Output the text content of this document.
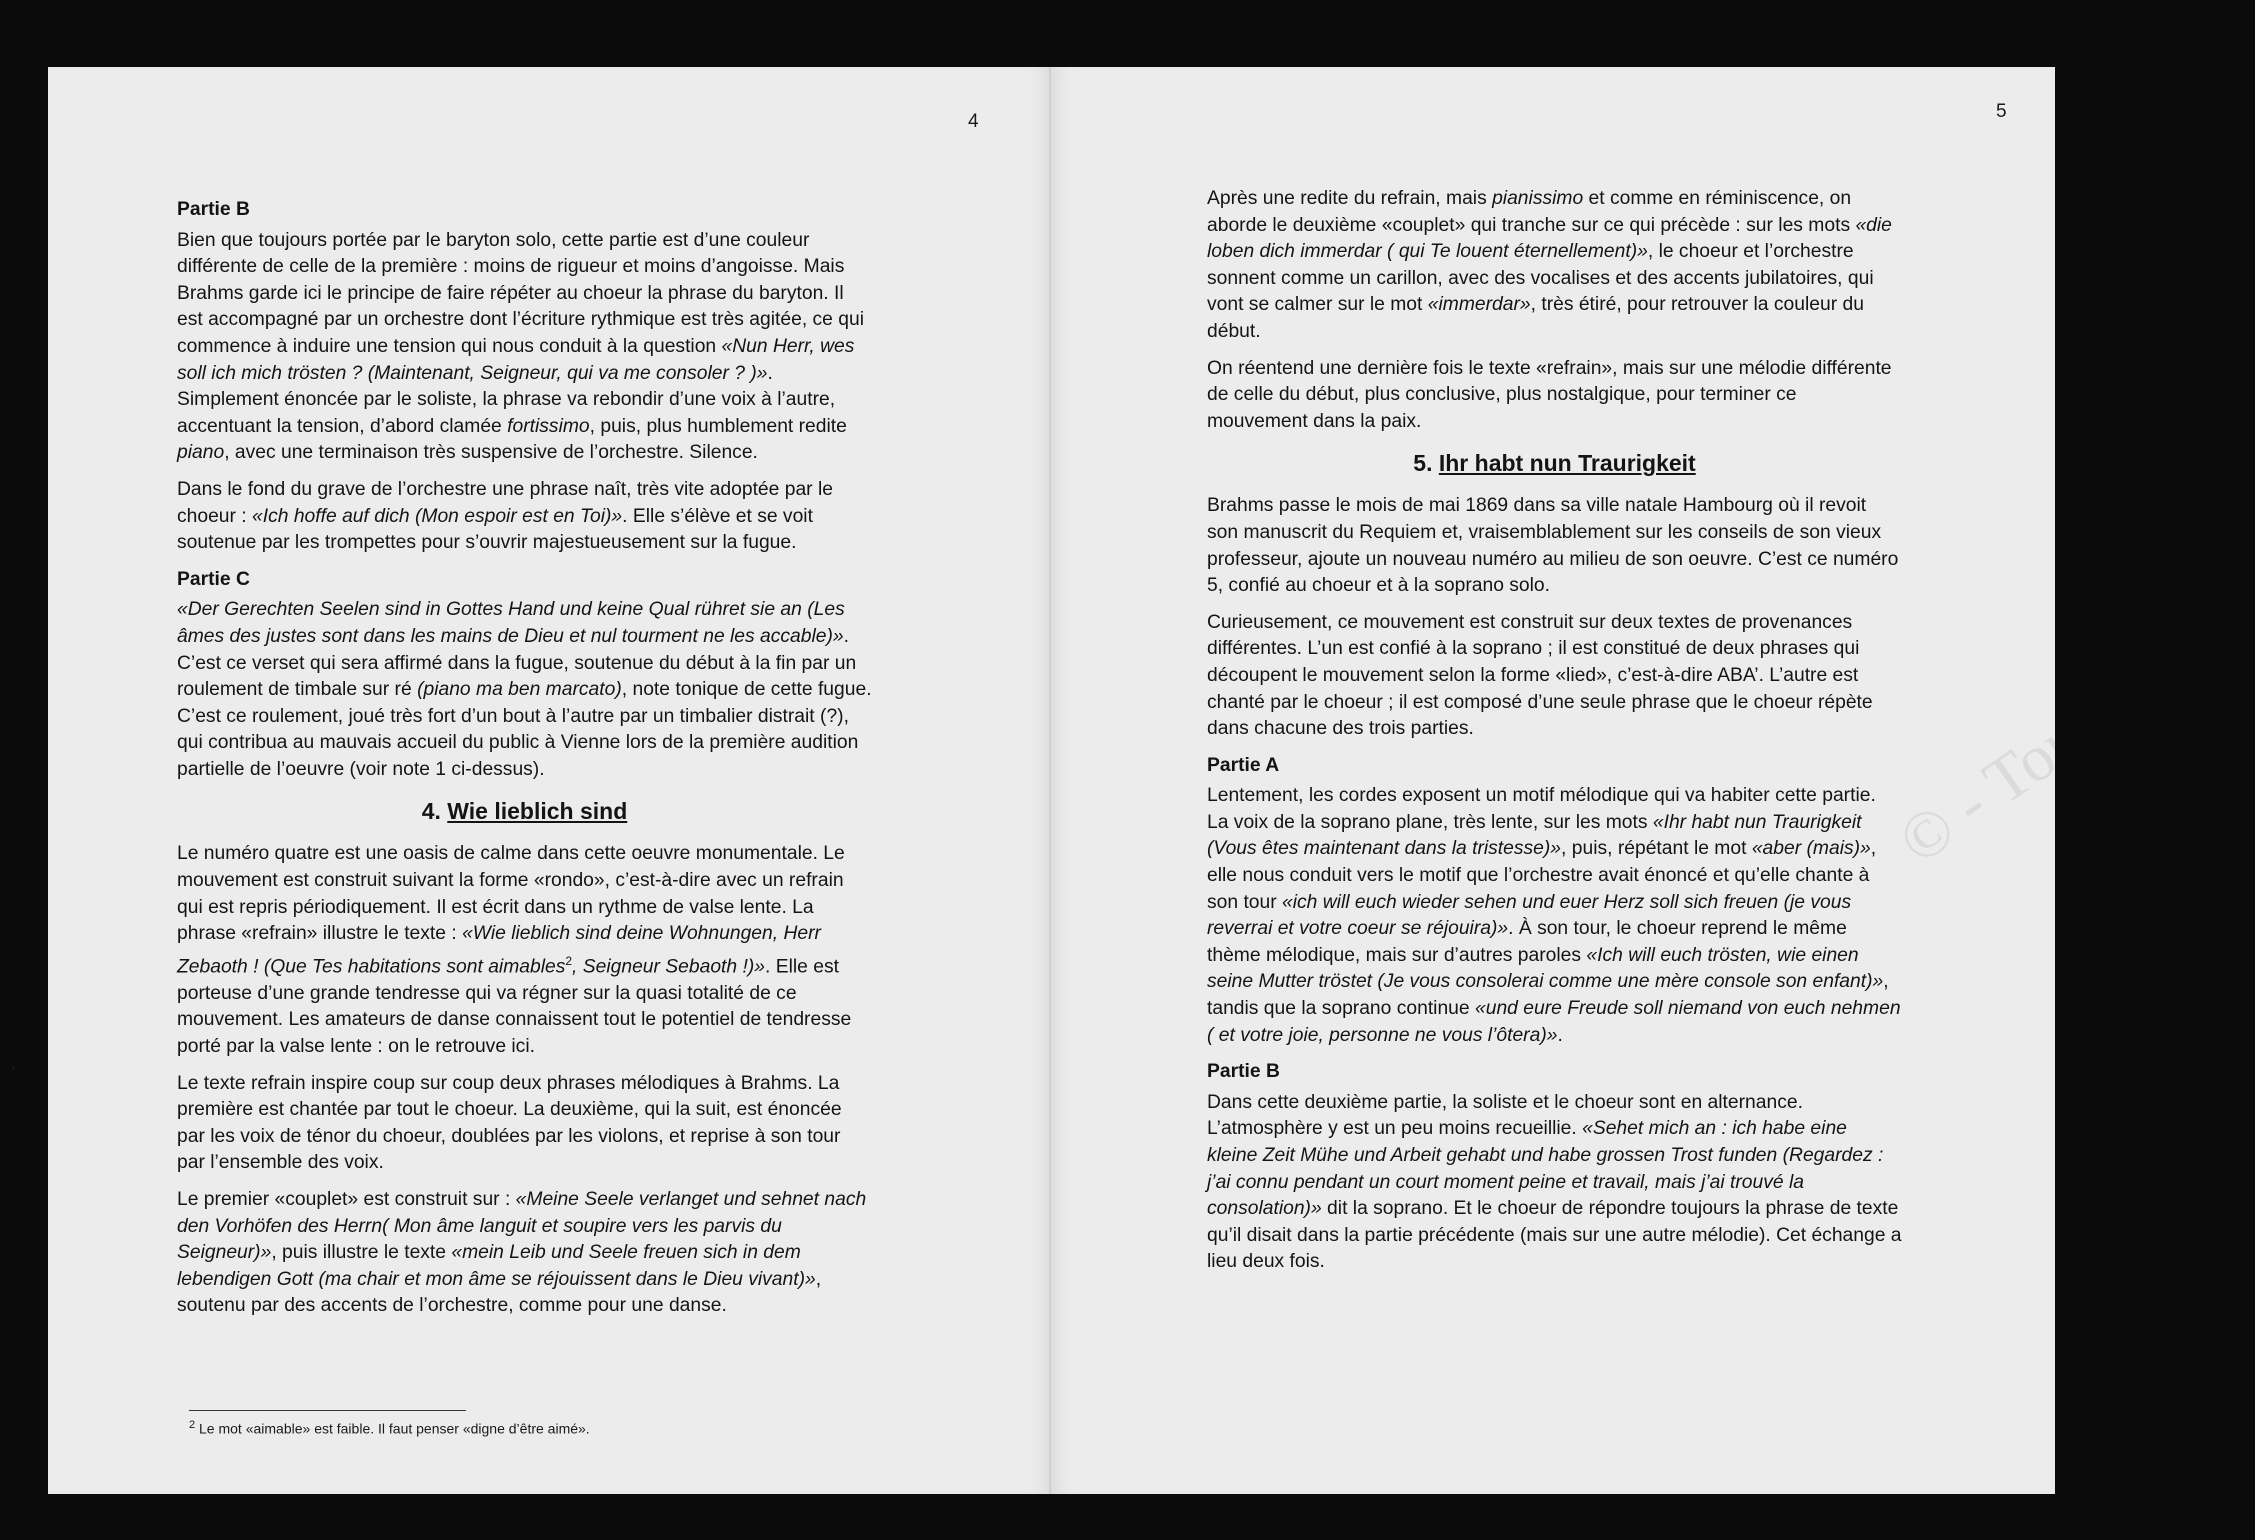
4
Partie B

Bien que toujours portée par le baryton solo, cette partie est d’une couleur différente de celle de la première : moins de rigueur et moins d’angoisse. Mais Brahms garde ici le principe de faire répéter au choeur la phrase du baryton. Il est accompagné par un orchestre dont l’écriture rythmique est très agitée, ce qui commence à induire une tension qui nous conduit à la question «Nun Herr, wes soll ich mich trösten ? (Maintenant, Seigneur, qui va me consoler ? )». Simplement énoncée par le soliste, la phrase va rebondir d’une voix à l’autre, accentuant la tension, d’abord clamée fortissimo, puis, plus humblement redite piano, avec une terminaison très suspensive de l’orchestre. Silence.

Dans le fond du grave de l’orchestre une phrase naît, très vite adoptée par le choeur : «Ich hoffe auf dich (Mon espoir est en Toi)». Elle s’élève et se voit soutenue par les trompettes pour s’ouvrir majestueusement sur la fugue.

Partie C

«Der Gerechten Seelen sind in Gottes Hand und keine Qual rühret sie an (Les âmes des justes sont dans les mains de Dieu et nul tourment ne les accable)». C’est ce verset qui sera affirmé dans la fugue, soutenue du début à la fin par un roulement de timbale sur ré (piano ma ben marcato), note tonique de cette fugue. C’est ce roulement, joué très fort d’un bout à l’autre par un timbalier distrait (?), qui contribua au mauvais accueil du public à Vienne lors de la première audition partielle de l’oeuvre (voir note 1 ci-dessus).

4. Wie lieblich sind

Le numéro quatre est une oasis de calme dans cette oeuvre monumentale. Le mouvement est construit suivant la forme «rondo», c’est-à-dire avec un refrain qui est repris périodiquement. Il est écrit dans un rythme de valse lente. La phrase «refrain» illustre le texte : «Wie lieblich sind deine Wohnungen, Herr Zebaoth ! (Que Tes habitations sont aimables$^2$, Seigneur Sebaoth !)». Elle est porteuse d’une grande tendresse qui va régner sur la quasi totalité de ce mouvement. Les amateurs de danse connaissent tout le potentiel de tendresse porté par la valse lente : on le retrouve ici.

Le texte refrain inspire coup sur coup deux phrases mélodiques à Brahms. La première est chantée par tout le choeur. La deuxième, qui la suit, est énoncée par les voix de ténor du choeur, doublées par les violons, et reprise à son tour par l’ensemble des voix.

Le premier «couplet» est construit sur : «Meine Seele verlanget und sehnet nach den Vorhöfen des Herrn( Mon âme languit et soupire vers les parvis du Seigneur)», puis illustre le texte «mein Leib und Seele freuen sich in dem lebendigen Gott (ma chair et mon âme se réjouissent dans le Dieu vivant)», soutenu par des accents de l’orchestre, comme pour une danse.

$^2$ Le mot «aimable» est faible. Il faut penser «digne d’être aimé».
5
© - Tous droits

Après une redite du refrain, mais pianissimo et comme en réminiscence, on aborde le deuxième «couplet» qui tranche sur ce qui précède : sur les mots «die loben dich immerdar ( qui Te louent éternellement)», le choeur et l’orchestre sonnent comme un carillon, avec des vocalises et des accents jubilatoires, qui vont se calmer sur le mot «immerdar», très étiré, pour retrouver la couleur du début.

On réentend une dernière fois le texte «refrain», mais sur une mélodie différente de celle du début, plus conclusive, plus nostalgique, pour terminer ce mouvement dans la paix.

5. Ihr habt nun Traurigkeit

Brahms passe le mois de mai 1869 dans sa ville natale Hambourg où il revoit son manuscrit du Requiem et, vraisemblablement sur les conseils de son vieux professeur, ajoute un nouveau numéro au milieu de son oeuvre. C’est ce numéro 5, confié au choeur et à la soprano solo.

Curieusement, ce mouvement est construit sur deux textes de provenances différentes. L’un est confié à la soprano ; il est constitué de deux phrases qui découpent le mouvement selon la forme «lied», c’est-à-dire ABA’. L’autre est chanté par le choeur ; il est composé d’une seule phrase que le choeur répète dans chacune des trois parties.

Partie A

Lentement, les cordes exposent un motif mélodique qui va habiter cette partie. La voix de la soprano plane, très lente, sur les mots «Ihr habt nun Traurigkeit (Vous êtes maintenant dans la tristesse)», puis, répétant le mot «aber (mais)», elle nous conduit vers le motif que l’orchestre avait énoncé et qu’elle chante à son tour «ich will euch wieder sehen und euer Herz soll sich freuen (je vous reverrai et votre coeur se réjouira)». À son tour, le choeur reprend le même thème mélodique, mais sur d’autres paroles «Ich will euch trösten, wie einen seine Mutter tröstet (Je vous consolerai comme une mère console son enfant)», tandis que la soprano continue «und eure Freude soll niemand von euch nehmen ( et votre joie, personne ne vous l’ôtera)».

Partie B

Dans cette deuxième partie, la soliste et le choeur sont en alternance. L’atmosphère y est un peu moins recueillie. «Sehet mich an : ich habe eine kleine Zeit Mühe und Arbeit gehabt und habe grossen Trost funden (Regardez : j’ai connu pendant un court moment peine et travail, mais j’ai trouvé la consolation)» dit la soprano. Et le choeur de répondre toujours la phrase de texte qu’il disait dans la partie précédente (mais sur une autre mélodie). Cet échange a lieu deux fois.

ˈ
